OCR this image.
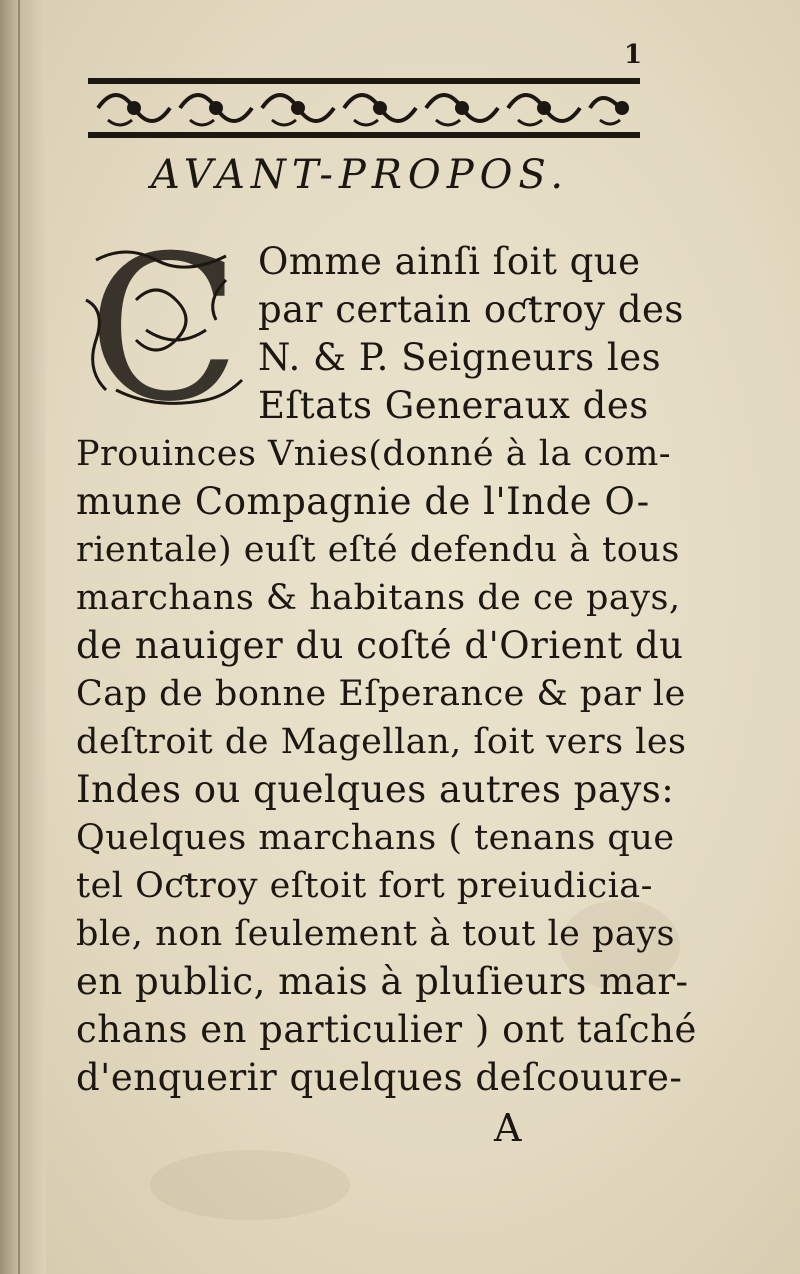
1
AVANT-PROPOS.
C Omme ainſi ſoit que
par certain oƈtroy des
N. & P. Seigneurs les
Eſtats Generaux des
Prouinces Vnies(donné à la com-
mune Compagnie de l'Inde O-
rientale) euſt eſté defendu à tous
marchans & habitans de ce pays,
de nauiger du coſté d'Orient du
Cap de bonne Eſperance & par le
deſtroit de Magellan, ſoit vers les
Indes ou quelques autres pays:
Quelques marchans ( tenans que
tel Oƈtroy eſtoit fort preiudicia-
ble, non ſeulement à tout le pays
en public, mais à pluſieurs mar-
chans en particulier ) ont taſché
d'enquerir quelques deſcouure-
A
